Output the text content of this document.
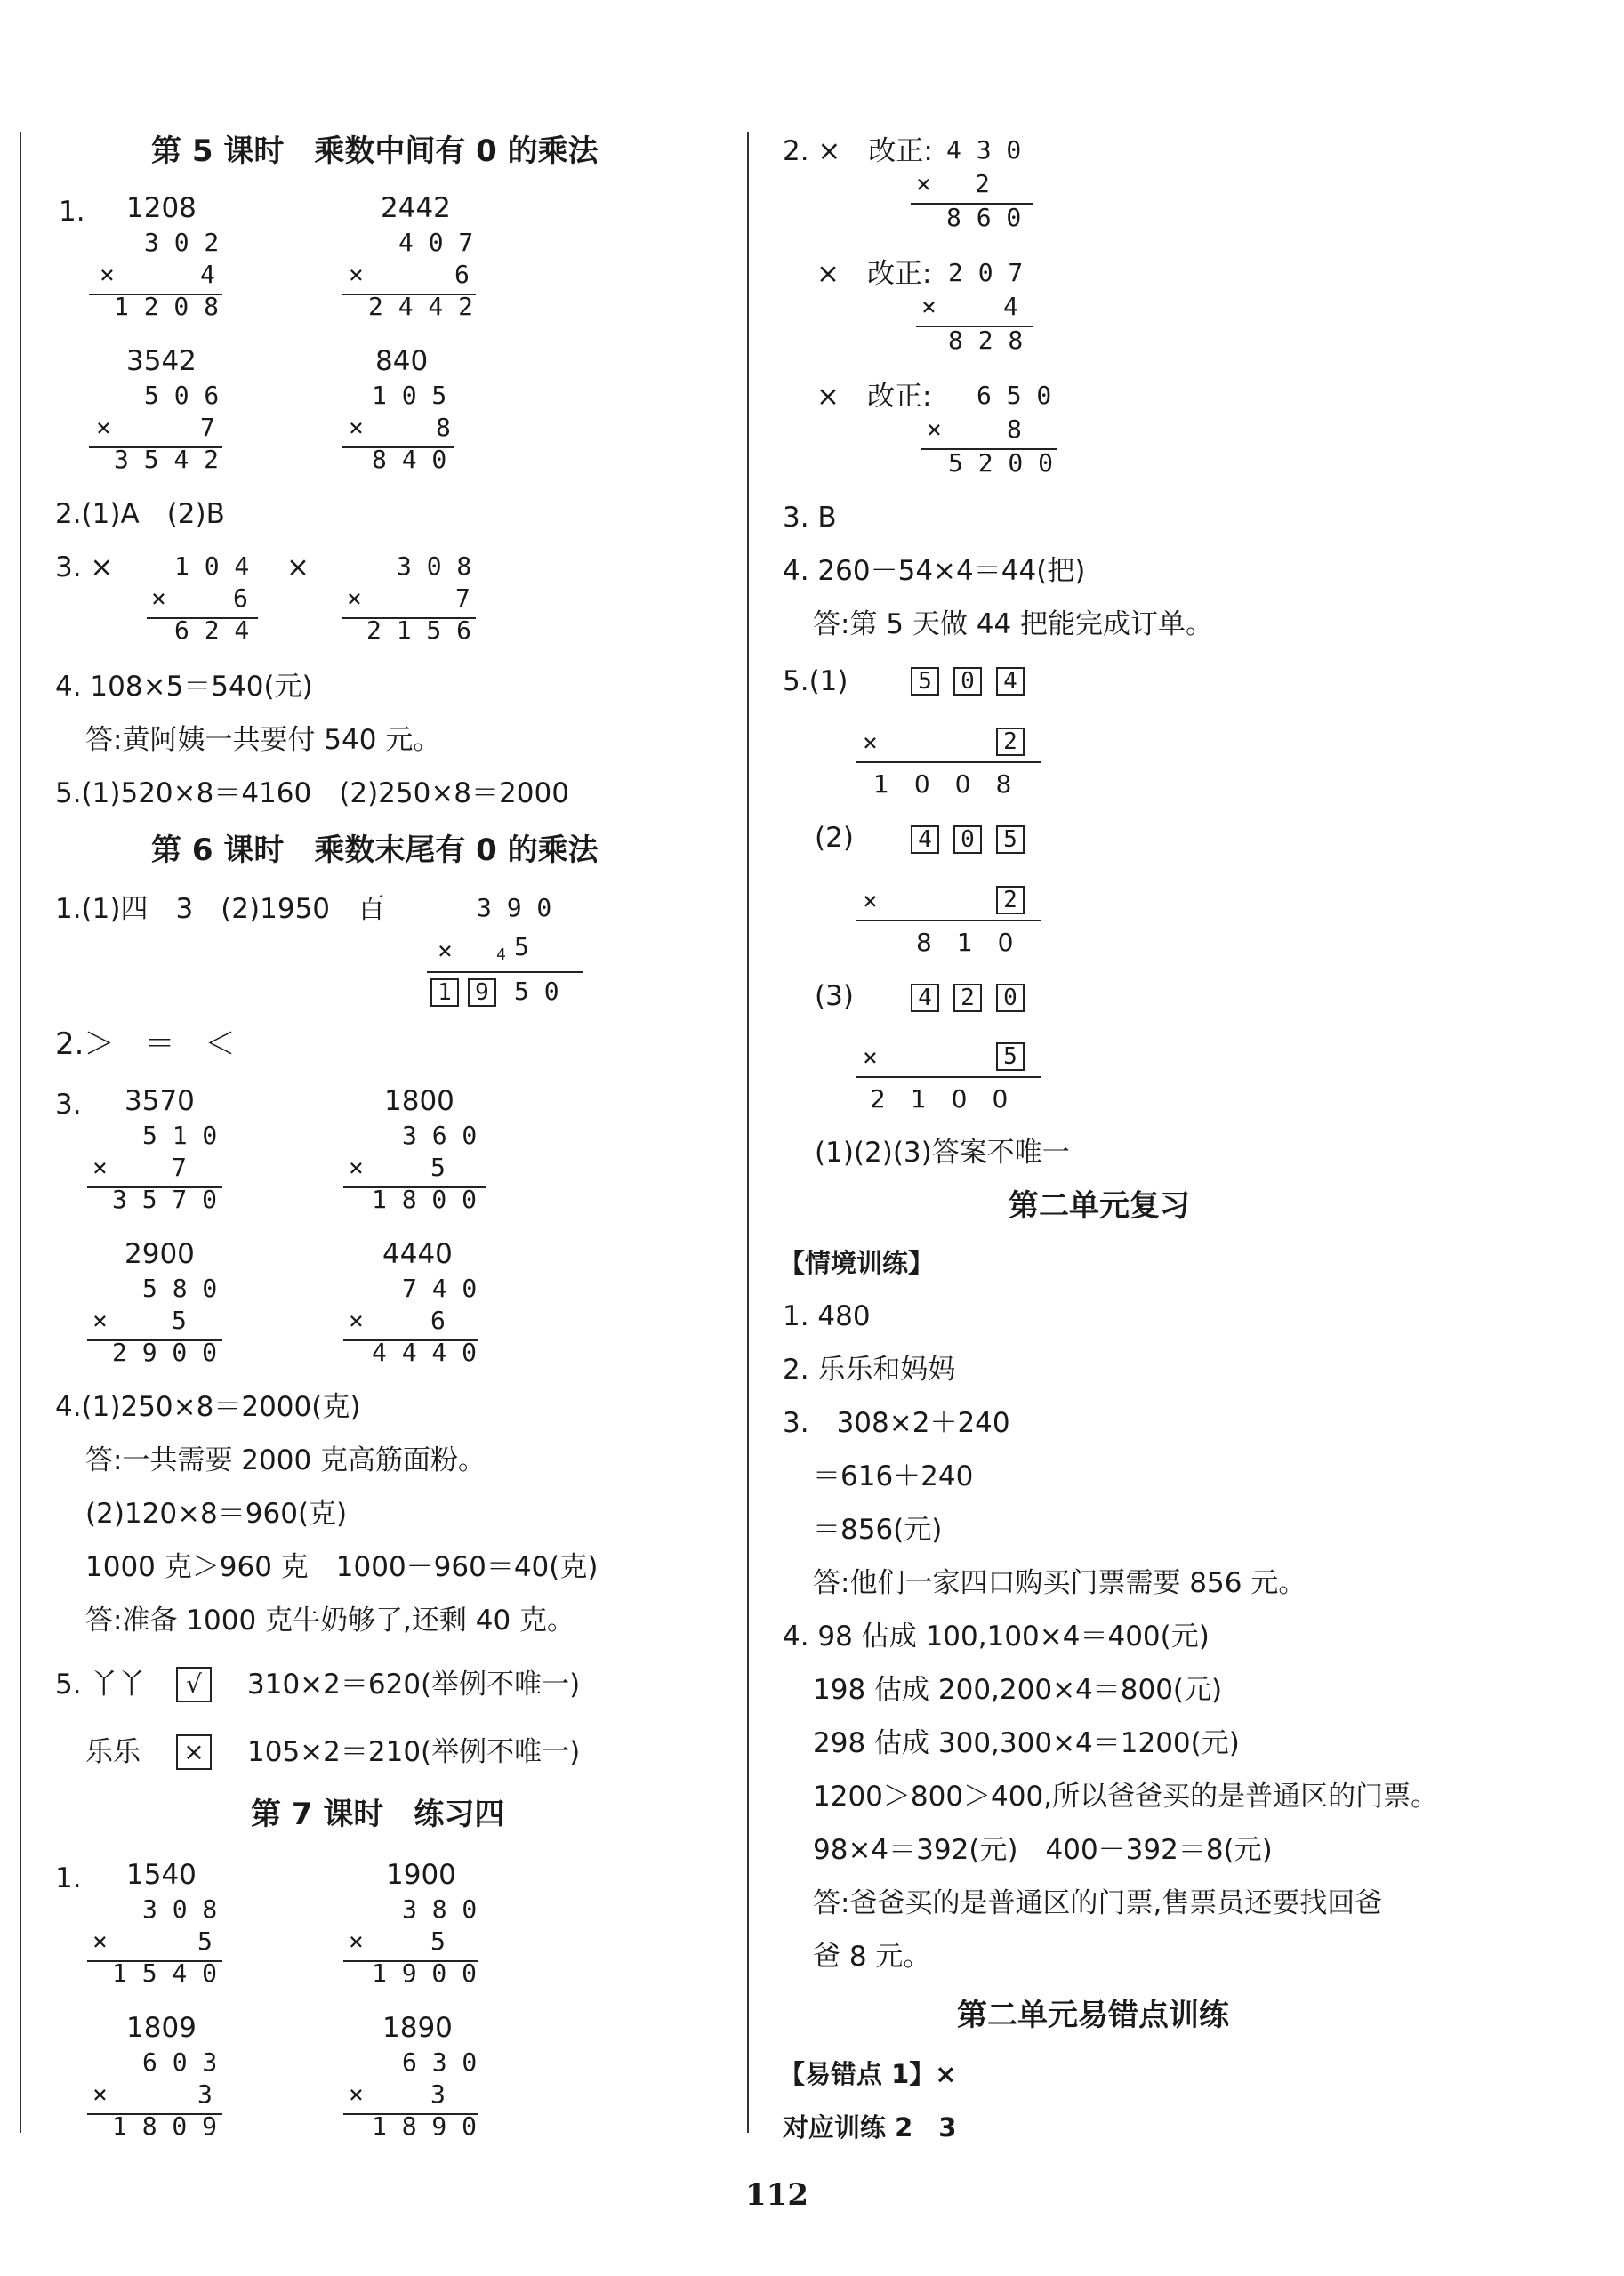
第 5 课时　乘数中间有 0 的乘法
1. 1208
3 0 2
×	4
1 2 0 8
2442
4 0 7
×	6
2 4 4 2
3542
5 0 6
×	7
3 5 4 2
840
1 0 5
×	8
8 4 0
2.(1)A　(2)B
3. × 1 0 4
×	6
6 2 4
×	3 0 8
×	7
2 1 5 6
4. 108×5＝540(元)
答:黄阿姨一共要付 540 元。
5.(1)520×8＝4160　(2)250×8＝2000
第 6 课时　乘数末尾有 0 的乘法
1.(1)四　3　(2)1950　百	3 9 0
×	4 5
1	9 5 0
2.＞　＝　＜
3. 3570
5 1 0
×	7
3 5 7 0
1800
3 6 0
×	5
1 8 0 0
2900
5 8 0
×	5
2 9 0 0
4440
7 4 0
×	6
4 4 4 0
4.(1)250×8＝2000(克)
答:一共需要 2000 克高筋面粉。
(2)120×8＝960(克)
1000 克＞960 克　1000－960＝40(克)
答:准备 1000 克牛奶够了,还剩 40 克。
5. 丫丫	√	310×2＝620(举例不唯一)
乐乐 × 105×2＝210(举例不唯一)
第 7 课时　练习四
1. 1540
3 0 8
×	5
1 5 4 0
1900
3 8 0
×	5
1 9 0 0
1809
6 0 3
×	3
1 8 0 9
1890
6 3 0
×	3
1 8 9 0
2. ×　改正: 4 3 0
× 2
8 6 0
×　改正: 2 0 7
×	4
8 2 8
×　改正: 6 5 0
×	8
5 2 0 0
3. B
4. 260－54×4＝44(把)
答:第 5 天做 44 把能完成订单。
5.(1)	5	0	4
×	2
1　0　0　8
(2)	4	0	5
×	2
8　1　0
(3)	4	2	0
×	5
2　1　0　0
(1)(2)(3)答案不唯一
第二单元复习
【情境训练】
1. 480
2. 乐乐和妈妈
3.　308×2＋240
＝616＋240
＝856(元)
答:他们一家四口购买门票需要 856 元。
4. 98 估成 100,100×4＝400(元)
198 估成 200,200×4＝800(元)
298 估成 300,300×4＝1200(元)
1200＞800＞400,所以爸爸买的是普通区的门票。
98×4＝392(元)　400－392＝8(元)
答:爸爸买的是普通区的门票,售票员还要找回爸
爸 8 元。
第二单元易错点训练
【易错点 1】×
对应训练 2　3
112
